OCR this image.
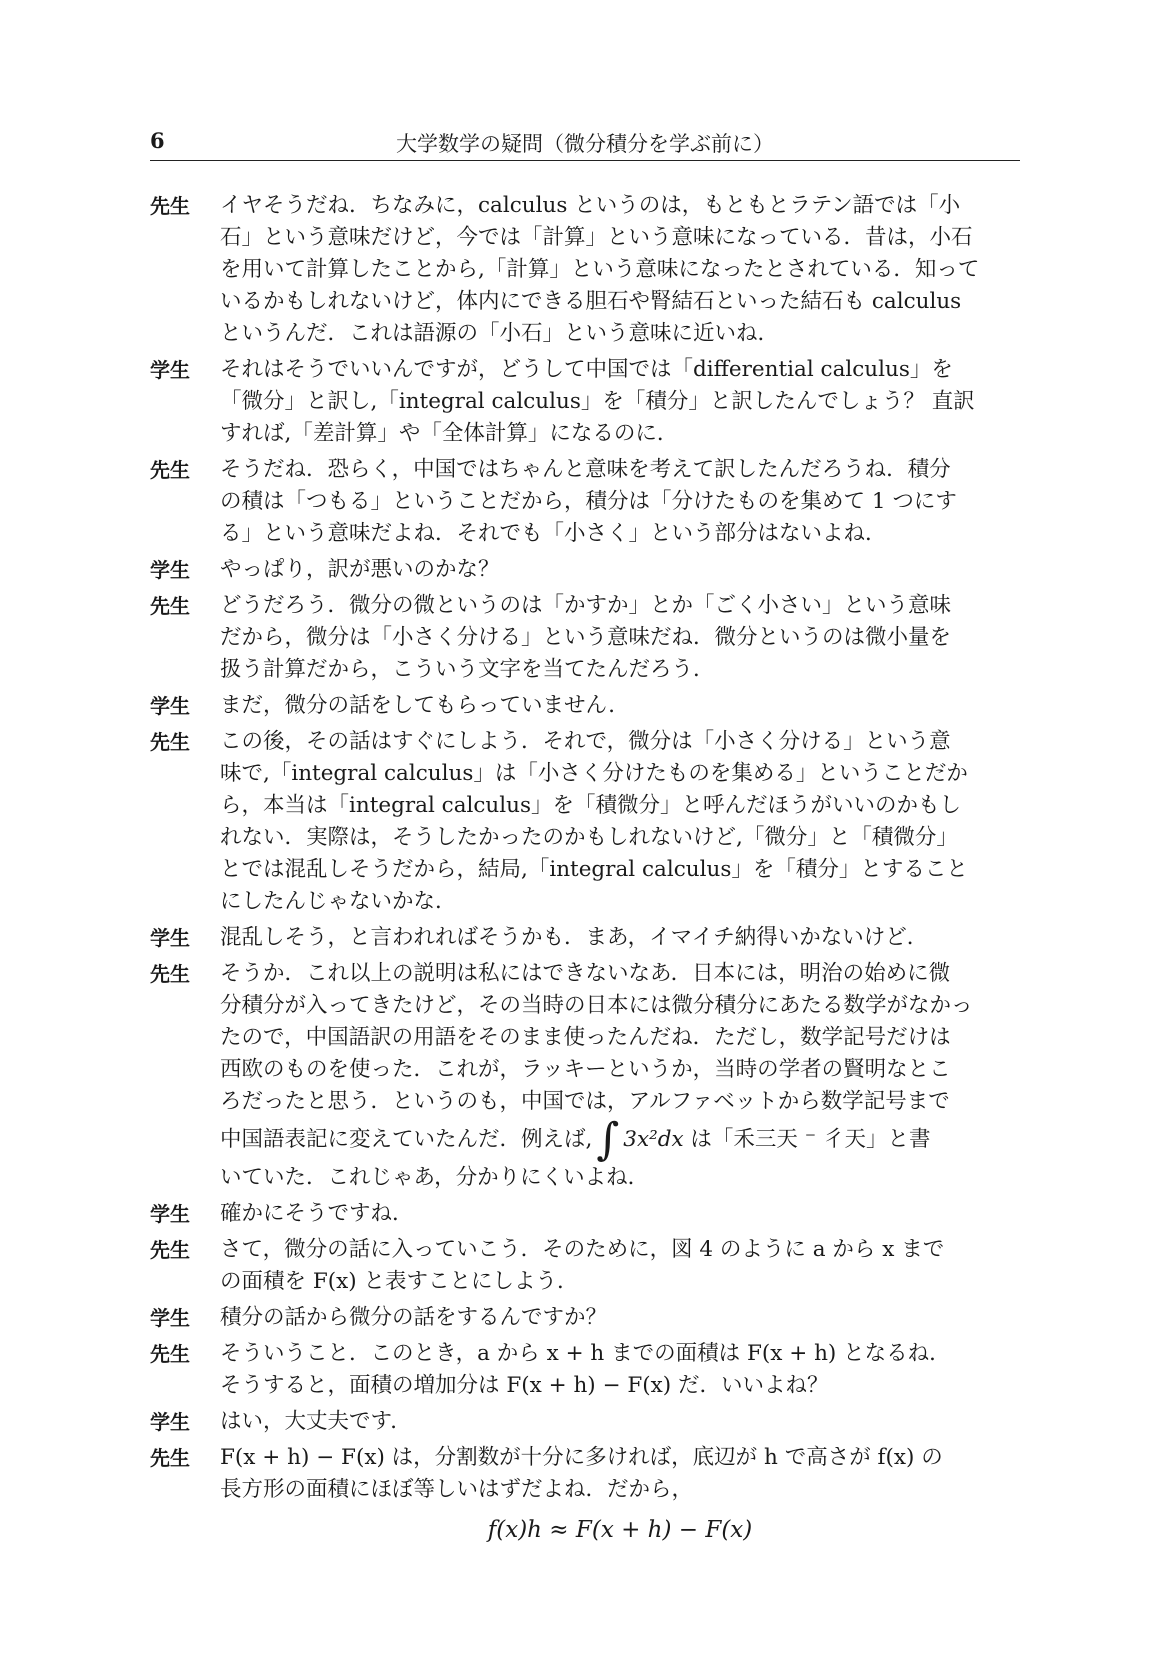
6	大学数学の疑問（微分積分を学ぶ前に）
先生 イヤそうだね．ちなみに，calculus というのは，もともとラテン語では「小
石」という意味だけど，今では「計算」という意味になっている．昔は，小石
を用いて計算したことから,「計算」という意味になったとされている．知って
いるかもしれないけど，体内にできる胆石や腎結石といった結石も calculus
というんだ．これは語源の「小石」という意味に近いね．
学生 それはそうでいいんですが，どうして中国では「differential calculus」を
「微分」と訳し,「integral calculus」を「積分」と訳したんでしょう？ 直訳
すれば,「差計算」や「全体計算」になるのに．
先生 そうだね．恐らく，中国ではちゃんと意味を考えて訳したんだろうね．積分
の積は「つもる」ということだから，積分は「分けたものを集めて 1 つにす
る」という意味だよね．それでも「小さく」という部分はないよね．
学生 やっぱり，訳が悪いのかな？
先生 どうだろう．微分の微というのは「かすか」とか「ごく小さい」という意味
だから，微分は「小さく分ける」という意味だね．微分というのは微小量を
扱う計算だから，こういう文字を当てたんだろう．
学生 まだ，微分の話をしてもらっていません．
先生 この後，その話はすぐにしよう．それで，微分は「小さく分ける」という意
味で,「integral calculus」は「小さく分けたものを集める」ということだか
ら，本当は「integral calculus」を「積微分」と呼んだほうがいいのかもし
れない．実際は，そうしたかったのかもしれないけど,「微分」と「積微分」
とでは混乱しそうだから，結局,「integral calculus」を「積分」とすること
にしたんじゃないかな．
学生 混乱しそう，と言われればそうかも．まあ，イマイチ納得いかないけど．
先生 そうか．これ以上の説明は私にはできないなあ．日本には，明治の始めに微
分積分が入ってきたけど，その当時の日本には微分積分にあたる数学がなかっ
たので，中国語訳の用語をそのまま使ったんだね．ただし，数学記号だけは
西欧のものを使った．これが，ラッキーというか，当時の学者の賢明なとこ
ろだったと思う．というのも，中国では，アルファベットから数学記号まで
中国語表記に変えていたんだ．例えば, ∫ 3x²dx は「禾三天 ⁻ 彳天」と書
いていた．これじゃあ，分かりにくいよね．
学生 確かにそうですね．
先生 さて，微分の話に入っていこう．そのために，図 4 のように a から x まで
の面積を F(x) と表すことにしよう．
学生 積分の話から微分の話をするんですか？
先生 そういうこと．このとき，a から x + h までの面積は F(x + h) となるね．
そうすると，面積の増加分は F(x + h) − F(x) だ．いいよね？
学生 はい，大丈夫です．
先生 F(x + h) − F(x) は，分割数が十分に多ければ，底辺が h で高さが f(x) の
長方形の面積にほぼ等しいはずだよね．だから，
f(x)h ≈ F(x + h) − F(x)
